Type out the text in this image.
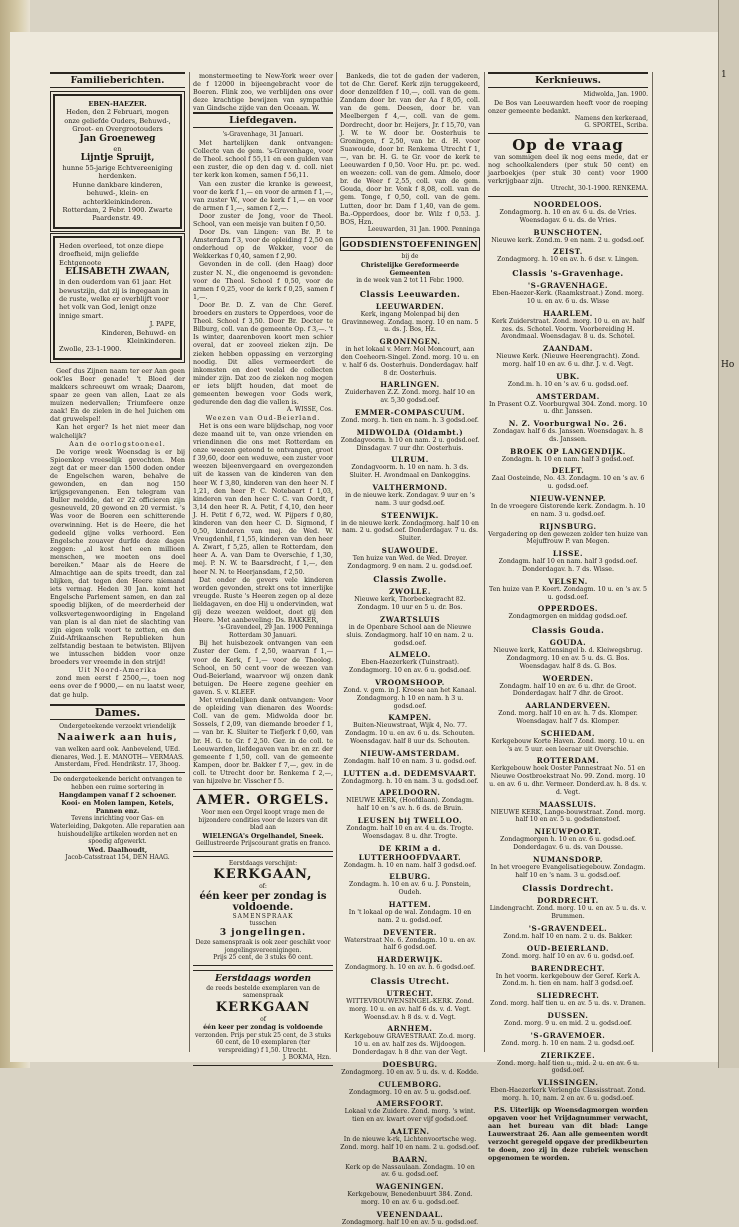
Familieberichten.
EBEN-HAEZER.
Heden, den 2 Februari, mogen onze geliefde Ouders, Behuwd-, Groot- en Overgrootouders
Jan Groeneweg
en
Lijntje Spruijt,
hunne 55-jarige Echtvereeniging herdenken.
Hunne dankbare kinderen, behuwd-, klein- en achterkleinkinderen.
Rotterdam, 2 Febr. 1900. Zwarte Paardenstr. 49.
Heden overleed, tot onze diepe droefheid, mijn geliefde Echtgenoote
ELISABETH ZWAAN,
in den ouderdom van 61 jaar. Het bewustzijn, dat zij is ingegaan in de ruste, welke er overblijft voor het volk van God, lenigt onze innige smart.
J. PAPE,
Kinderen, Behuwd- en Kleinkinderen.
Zwolle, 23-1-1900.

Geef dus Zijnen naam ter eer Aan geen ook'les Boer genade! 't Bloed der makkers schreeuwt om wraak; Daarom, spaar ze geen van allen, Laat ze als muizen nedervallen; Triumfeere onze zaak! En de zielen in de hel Juichen om dat gruwelspel!

Kan het erger? Is het niet meer dan walchelijk?

Aan de oorlogstooneel.

De vorige week Woensdag is er bij Spioenkop vreeselijk gevochten. Men zegt dat er meer dan 1500 doden onder de Engelschen waren, behalve de gewonden, en dan nog 150 krijgsgevangenen. Een telegram van Buller meldde, dat er 22 officieren zijn gesneuveld, 20 gewond en 20 vermist. 's Was voor de Boeren een schitterende overwinning. Het is de Heere, die het gedeeld gijne volks verhoord. Een Engelsche zouaver durfde deze dagen zeggen: „al kost het een millioen menschen, we moeten ons doel bereiken.” Maar als de Heere de Almachtige aan de spits treedt, dan zal blijken, dat tegen den Heere niemand iets vermag. Heden 30 Jan. komt het Engelsche Parlement samen, en dan zal spoedig blijken, of de meerderheid der volksvertegenwoordiging in Engeland van plan is al dan niet de slachting van zijn eigen volk voort te zetten, en den Zuid-Afrikaanschen Republieken hun zelfstandig bestaan te betwisten. Blijven we intusschen bidden voor onze broeders ver vreemde in den strijd!

Uit Noord-Amerika

zond men eerst f 2500,—, toen nog eens over de f 9000,— en nu laatst weer, dat ge hulp.

Dames.
Ondergeteekende verzoekt vriendelijk
Naaiwerk aan huis,
van welken aard ook. Aanbevelend, UEd. dienares, Wed. J. E. MANOTH— VERMAAS.
Amsterdam, Fred. Hendrikstr. 17, 3hoog.
De ondergeteekende bericht ontvangen te hebben een ruime sortering in
Hangdampen vanaf f 2 schoener. Kooi- en Molen lampen, Ketels, Pannen enz.
Tevens inrichting voor Gas- en Waterleiding, Dakgoten. Alle reparatien aan huishoudelijke artikelen worden net en spoedig afgewerkt.
Wed. Daalhoudt,
Jacob-Catsstraat 154, DEN HAAG.

monstermeeting te New-York weer over de f 12000 in bijeengebracht voor de Boeren. Flink zoo, we verblijden ons over deze krachtige bewijzen van sympathie van Gindsche zijde van den Oceaan. W.

Liefdegaven.
's-Gravenhage, 31 Januari.

Met hartelijken dank ontvangen: Collecte van de gem. 's-Gravenhage, voor de Theol. school f 55,11 en een gulden van een zuster, die op den dag v. d. coll. niet ter kerk kon komen, samen f 56,11.

Van een zuster die kranke is geweest, voor de kerk f 1,— en voor de armen f 1,—, van zuster W., voor de kerk f 1,— en voor de armen f 1,—, samen f 2,—.

Door zuster de Jong, voor de Theol. School, van een meisje van buiten f 0,50.

Door Ds. van Lingen: van Br. P. te Amsterdam f 3, voor de opleiding f 2,50 en onderhoud op de Wekker, voor de Wekkerkas f 0,40, samen f 2,90.

Gevonden in de coll. (den Haag) door zuster N. N., die ongenoemd is gevonden: voor de Theol. School f 0,50, voor de armen f 0,25, voor de kerk f 0,25, samen f 1,—.

Door Br. D. Z. van de Chr. Geref. broeders en zusters te Opperdoes, voor de Theol. School f 3,50. Door Br. Docter te Bilburg, coll. van de gemeente Op. f 3,—. 't Is winter, daarenboven koort men schier overal, dat er zooveel zieken zijn. De zieken hebben oppassing en verzorging noodig. Dit alles vermeerdert de inkomsten en doet veelal de collecten minder zijn. Dat zoo de zieken nog mogen er iets blijft houden, dat moet de gemeenten bewegen voor Gods werk, gedurende den dag die vallen is.

A. WISSE, Cos.
Weezen van Oud-Beierland.

Het is ons een ware blijdschap, nog voor deze maand uit te, van onze vrienden en vriendinnen die ons met Rotterdam en onze weezen getoond te ontvangen, groot f 39,60, door een weduwe, een zuster voor weezen bijeenvergaard en overgezonden uit de kassen van de kinderen van den heer W. f 3,80, kinderen van den heer N. f 1,21, den heer P. C. Notebaart f 1,03, kinderen van den heer C. C. van Oordt, f 3,14 den heer R. A. Petit, f 4,10, den heer J. H. Petit f 6,72, wed. W. Pijpers f 0,80, kinderen van den heer C. D. Sigmond, f 0,50, kinderen van mej. de Wed. W. Vreugdenhil, f 1,55, kinderen van den heer A. Zwart, f 5,25, allen te Rotterdam, den heer A. A. van Dam te Overschie, f 1,30, mej. P. N. W. te Baarsdrecht, f 1,—, den heer N. N. te Heerjansdam, f 2,50.

Dat onder de gevers vele kinderen worden gevonden, strekt ons tot innerlijke vreugde. Ruste 's Heeren zegen op al deze lieldagaven, en doe Hij u ondervinden, wat gij deze weezen weldoet, doet gij den Heere. Met aanbeveling: Ds. BAKKER,

's-Gravendeel, 29 Jan. 1900 Penninga
Rotterdam 30 Januari.

Bij het huisbezoek ontvangen van een Zuster der Gem. f 2,50, waarvan f 1,— voor de Kerk, f 1,— voor de Theolog. School, en 50 cent voor de weezen van Oud-Beierland, waarvoor wij onzen dank betuigen. De Heere zegene geehier en gaven. S. v. KLEEF.

Met vriendelijken dank ontvangen: Voor de opleiding van dienaren des Woords: Coll. van de gem. Midwolda door br. Sossels, f 2,09, van diemande broeder f 1,— van br. K. Sluiter te Tiefjerk f 0,60, van br. H. G. te Gr. f 2,50. Ger. in de coll. te Leeuwarden, liefdegaven van br. en zr. der gemeente f 1,50, coll. van de gemeente Kampen, door br. Bakker f 7,—, gev. in de coll. te Utrecht door br. Renkema f 2,—, van hijzelve br. Visscher f 5.

AMER. ORGELS.
Voor men een Orgel koopt vrage men de bijzondere condities voor de lezers van dit blad aan
WIELENGA's Orgelhandel, Sneek.
Geillustreerde Prijscourant gratis en franco.
Eerstdaags verschijnt:
KERKGAAN,
of:
één keer per zondag is voldoende.
SAMENSPRAAK
tusschen
3 jongelingen.
Deze samenspraak is ook zeer geschikt voor jongelingsvereenigingen.
Prijs 25 cent, de 3 stuks 60 cent.
Eerstdaags worden
de reeds bestelde exemplaren van de samenspraak
KERKGAAN
of
één keer per zondag is voldoende
verzonden. Prijs per stuk 25 cent, de 3 stuks 60 cent, de 10 exemplaren (ter verspreiding) f 1,50. Utrecht.
J. BOKMA, Hzn.

Bankeds, die tot de gaden der vaderen, tot de Chr. Geref. Kerk zijn teruggekeerd, door denzelfden f 10,—, coll. van de gem. Zandam door br. van der Aa f 8,05, coll. van de gem. Deesen, door br. van Meelbergen f 4,—, coll. van de gem. Dordrecht, door br. Heijers, Jr. f 15,70, van J. W. te W. door br. Oosterhuis te Groningen, f 2,50, van br. d. H. voor Suawoude, door br. Renkema Utrecht f 1,—, van br. H. G. te Gr. voor de kerk te Leeuwarden f 0,50. Voor Hu. pr. pc. wed. en weezen: coll. van de gem. Almelo, door br. de Weer f 2,55, coll. van de gem. Gouda, door br. Vonk f 8,08, coll. van de gem. Tonge, f 0,50, coll. van de gem. Lutten, door br. Dam f 1,40, van de gem. Ba.-Opperdoes, door br. Wilz f 0,53. J. BOS, Hzn.

Leeuwarden, 31 Jan. 1900. Penninga
GODSDIENSTOEFENINGEN
bij de
Christelijke Gereformeerde Gemeenten
in de week van 2 tot 11 Febr. 1900.
Classis Leeuwarden.
LEEUWARDEN.
Kerk, ingang Molenpad bij den Gravinneweg. Zondag. morg. 10 en nam. 5 u. ds. J. Bos, Hz.
GRONINGEN.
in het lokaal v. Merr. Mol Moncourt, aan den Coeheorn-Singel. Zond. morg. 10 u. en v. half 6 ds. Oosterhuis. Donderdagav. half 8 dr. Oosterhuis.
HARLINGEN.
Zuiderhaven Z.Z. Zond. morg. half 10 en av. 5,30 godsd.oef.
EMMER-COMPASCUUM.
Zond. morg. h. tien en nam. h. 3 godsd.oef.
MIDWOLDA (Oldambt.)
Zondagvoorm. h 10 en nam. 2 u. godsd.oef. Dinsdagav. 7 uur dhr. Oosterhuis.
ULRUM.
Zondagvoorm. h. 10 en nam. h. 3 ds. Sluiter. H. Avondmaal en Dankoggins.
VALTHERMOND.
in de nieuwe kerk. Zondagav. 9 uur en 's nam. 3 uur godsd.oef.
STEENWIJK.
in de nieuwe kerk. Zondagmorg. half 10 en nam. 2 u. godsd.oef. Donderdagav. 7 u. ds. Sluiter.
SUAWOUDE.
Ten huize van Wed. de Wed. Dreyer. Zondagmorg. 9 en nam. 2 u. godsd.oef.
Classis Zwolle.
ZWOLLE.
Nieuwe kerk, Thorbeckegracht 82. Zondagm. 10 uur en 5 u. dr. Bos.
ZWARTSLUIS
in de Openbare School aan de Nieuwe sluis. Zondagmorg. half 10 en nam. 2 u. godsd.oef.
ALMELO.
Eben-Haezerkerk (Tuinstraat). Zondagmorg. 10 en av. 6 u. godsd.oef.
VROOMSHOOP.
Zond. v. gem. in J. Kroese aan het Kanaal. Zondagmorg. h 10 en nam. h 3 u. godsd.oef.
KAMPEN.
Buiten-Nieuwstraat, Wijk 4, No. 77. Zondagm. 10 u. en av. 6 u. ds. Schouten. Woensdagav. half 8 uur ds. Schouten.
NIEUW-AMSTERDAM.
Zondagm. half 10 en nam. 3 u. godsd.oef.
LUTTEN a.d. DEDEMSVAART.
Zondagmorg. h. 10 en nam. 3 u. godsd.oef.
APELDOORN.
NIEUWE KERK, (Hoofdlaan). Zondagm. half 10 en 's av. h. 6 ds. de Bruin.
LEUSEN bij TWELLOO.
Zondagm. half 10 en av. 4 u. ds. Trogte. Woensdagav. 8 u. dhr. Trogte.
DE KRIM a d. LUTTERHOOFDVAART.
Zondagm. h. 10 en nam. half 3 godsd.oef.
ELBURG.
Zondagm. h. 10 en av. 6 u. J. Ponstein, Oudeh.
HATTEM.
In 't lokaal op de wal. Zondagm. 10 en nam. 2 u. godsd.oef.
DEVENTER.
Waterstraat No. 6. Zondagm. 10 u. en av. half 6 godsd.oef.
HARDERWIJK.
Zondagmorg. h. 10 en av. h. 6 godsd.oef.
Classis Utrecht.
UTRECHT.
WITTEVROUWENSINGEL-KERK. Zond. morg. 10 u. en av. half 6 ds. v. d. Vegt. Woensd.av. h 8 ds. v. d. Vegt.
ARNHEM.
Kerkgebouw GRAVESTRAAT. Zo.d. morg. 10 u. en av. half zes ds. Wijdoogen. Donderdagav. h 8 dhr. van der Vegt.
DOESBURG.
Zondagmorg. 10 en av. 5 u. ds. v. d. Kodde.
CULEMBORG.
Zondagmorg. 10 en av. 5 u. godsd.oef.
AMERSFOORT.
Lokaal v.de Zuidere. Zond. morg. 's wint. tien en av. kwart over vijf godsd.oef.
AALTEN.
In de nieuwe k-rk, Lichtenvoortsche weg. Zond. morg. half 10 en nam. 2 u. godsd.oef.
BAARN.
Kerk op de Nassaulaan. Zondagm. 10 en av. 6 u. godsd.oef.
WAGENINGEN.
Kerkgebouw, Benedenbuurt 384. Zond. morg. 10 en av. 6 u. godsd.oef.
VEENENDAAL.
Zondagmorg. half 10 en av. 5 u. godsd.oef.
Kerknieuws.
Midwolda, Jan. 1900.

De Bos van Leeuwarden heeft voor de roeping onzer gemeente bedankt.

Namens den kerkeraad,
G. SPORTEL, Scriba.
Op de vraag

van sommigen deel ik nog eens mede, dat er nog schoolkalenders (per stuk 50 cent) en jaarboekjes (per stuk 30 cent) voor 1900 verkrijgbaar zijn.

Utrecht, 30-1-1900. RENKEMA.
NOORDELOOS.
Zondagmorg. h. 10 en av. 6 u. ds. de Vries. Woensdagav. 6 u. ds. de Vries.
BUNSCHOTEN.
Nieuwe kerk. Zond.m. 9 en nam. 2 u. godsd.oef.
ZEIST.
Zondagmorg. h. 10 en av. h. 6 dsr. v. Lingen.
Classis 's-Gravenhage.
'S-GRAVENHAGE.
Eben-Haezer-Kerk. (Raamkstraat.) Zond. morg. 10 u. en av. 6 u. ds. Wisse
HAARLEM.
Kerk Zuiderstraat. Zond. morg. 10 u. en av. half zes. ds. Schotel. Voorm. Voorbereiding H. Avondmaal. Woensdagav. 8 u. ds. Schotel.
ZAANDAM.
Nieuwe Kerk. (Nieuwe Heerengracht). Zond. morg. half 10 en av. 6 u. dhr. J. v. d. Vegt.
UBK.
Zond.m. h. 10 en 's av. 6 u. godsd.oef.
AMSTERDAM.
In Prasent O.Z. Voorburgwal 304. Zond. morg. 10 u. dhr. Janssen.
N. Z. Voorburgwal No. 26.
Zondagav. half 6 ds. Janssen. Woensdagav. h. 8 ds. Janssen.
BROEK OP LANGENDIJK.
Zondagm. h. 10 en nam. half 3 godsd.oef.
DELFT.
Zaal Oosteinde, No. 43. Zondagm. 10 en 's av. 6 u. godsd.oef.
NIEUW-VENNEP.
In de vroegere Gistorende kerk. Zondagm. h. 10 en nam. 3 u. godsd.oef.
RIJNSBURG.
Vergadering op den gewezen zolder ten huize van Mejuffrouw P. van Megen.
LISSE.
Zondagm. half 10 en nam. half 3 godsd.oef. Donderdagav. h. 7 ds. Wisse.
VELSEN.
Ten huize van P. Koert. Zondagm. 10 u. en 's av. 5 u. godsd.oef.
OPPERDOES.
Zondagmorgen en middag godsd.oef.
Classis Gouda.
GOUDA.
Nieuwe kerk, Kattensingel b. d. Kleiwegsbrug. Zondagmorg. 10 en av. 5 u. ds. G. Bos. Woensdagav. half 8 ds. G. Bos.
WOERDEN.
Zondagm. half 10 en av. 6 u. dhr. de Groot. Donderdagav. half 7 dhr. de Groot.
AARLANDERVEEN.
Zond. morg. half 10 en av. h. 7 ds. Klomper. Woensdagav. half 7 ds. Klomper.
SCHIEDAM.
Kerkgebouw Korte Haven. Zond. morg. 10 u. en 's av. 5 uur. een leeraar uit Overschie.
ROTTERDAM.
Kerkgebouw hoek Ooster Pannestraat No. 51 en Nieuwe Oostbroekstraat No. 99. Zond. morg. 10 u. en av. 6 u. dhr. Vermeer. Donderd.av. h. 8 ds. v. d. Vegt.
MAASSLUIS.
NIEUWE KERK, Lange-bouwstraat. Zond. morg. half 10 en av. 5 u. godsdienstoef.
NIEUWPOORT.
Zondagmorgen h. 10 en av. 6 u. godsd.oef. Donderdagav. 6 u. ds. van Dousse.
NUMANSDORP.
In het vroegere Evangelisatiegebouw. Zondagm. half 10 en 's nam. 3 u. godsd.oef.
Classis Dordrecht.
DORDRECHT.
Lindengracht. Zond. morg. 10 u. en av. 5 u. ds. v. Brummen.
'S-GRAVENDEEL.
Zond.m. half 10 en nam. 2 u. ds. Bakker.
OUD-BEIERLAND.
Zond. morg. half 10 en av. 6 u. godsd.oef.
BARENDRECHT.
In het voorm. kerkgebouw der Geref. Kerk A. Zond.m. h. tien en nam. half 3 godsd.oef.
SLIEDRECHT.
Zond. morg. half tien u. en av. 5 u. ds. v. Dranen.
DUSSEN.
Zond. morg. 9 u. en mid. 2 u. godsd.oef.
'S-GRAVEMOER.
Zond. morg. h. 10 en nam. 2 u. godsd.oef.
ZIERIKZEE.
Zond. morg. half tien u., mid. 2 u. en av. 6 u. godsd.oef.
VLISSINGEN.
Eben-Haezerkerk Verlengde Classisstraat. Zond. morg. h. 10, nam. 2 en av. 6 u. godsd.oef.

P.S. Uiterlijk op Woensdagmorgen worden opgaven voor het Vrijdagnummer verwacht, aan het bureau van dit blad: Lange Lauwerstraat 26. Aan alle gemeenten wordt verzocht geregeld opgave der predikbeurten te doen, zoo zij in deze rubriek wenschen opgenomen te worden.

1
Ho
